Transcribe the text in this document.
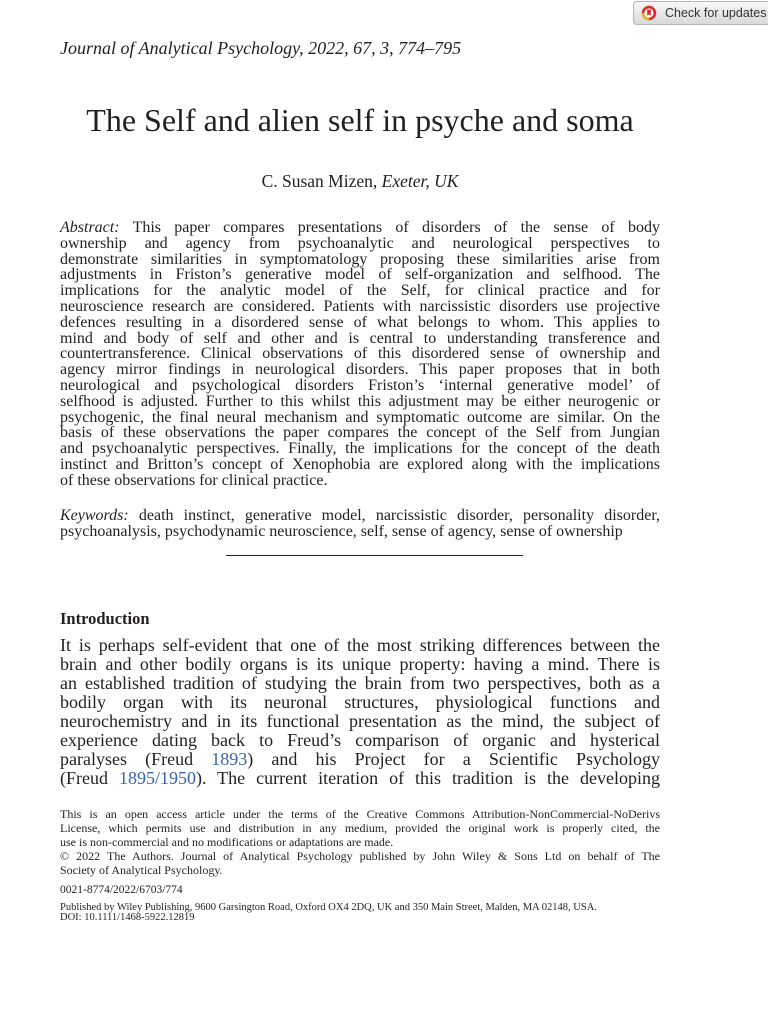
Check for updates
Journal of Analytical Psychology, 2022, 67, 3, 774–795
The Self and alien self in psyche and soma
C. Susan Mizen, Exeter, UK
Abstract: This paper compares presentations of disorders of the sense of body
ownership and agency from psychoanalytic and neurological perspectives to
demonstrate similarities in symptomatology proposing these similarities arise from
adjustments in Friston’s generative model of self-organization and selfhood. The
implications for the analytic model of the Self, for clinical practice and for
neuroscience research are considered. Patients with narcissistic disorders use projective
defences resulting in a disordered sense of what belongs to whom. This applies to
mind and body of self and other and is central to understanding transference and
countertransference. Clinical observations of this disordered sense of ownership and
agency mirror findings in neurological disorders. This paper proposes that in both
neurological and psychological disorders Friston’s ‘internal generative model’ of
selfhood is adjusted. Further to this whilst this adjustment may be either neurogenic or
psychogenic, the final neural mechanism and symptomatic outcome are similar. On the
basis of these observations the paper compares the concept of the Self from Jungian
and psychoanalytic perspectives. Finally, the implications for the concept of the death
instinct and Britton’s concept of Xenophobia are explored along with the implications
of these observations for clinical practice.
Keywords: death instinct, generative model, narcissistic disorder, personality disorder,
psychoanalysis, psychodynamic neuroscience, self, sense of agency, sense of ownership
Introduction
It is perhaps self-evident that one of the most striking differences between the
brain and other bodily organs is its unique property: having a mind. There is
an established tradition of studying the brain from two perspectives, both as a
bodily organ with its neuronal structures, physiological functions and
neurochemistry and in its functional presentation as the mind, the subject of
experience dating back to Freud’s comparison of organic and hysterical
paralyses (Freud 1893) and his Project for a Scientific Psychology
(Freud 1895/1950). The current iteration of this tradition is the developing
This is an open access article under the terms of the Creative Commons Attribution-NonCommercial-NoDerivs
License, which permits use and distribution in any medium, provided the original work is properly cited, the
use is non-commercial and no modifications or adaptations are made.
© 2022 The Authors. Journal of Analytical Psychology published by John Wiley & Sons Ltd on behalf of The
Society of Analytical Psychology.
0021-8774/2022/6703/774
Published by Wiley Publishing, 9600 Garsington Road, Oxford OX4 2DQ, UK and 350 Main Street, Malden, MA 02148, USA.
DOI: 10.1111/1468-5922.12819
